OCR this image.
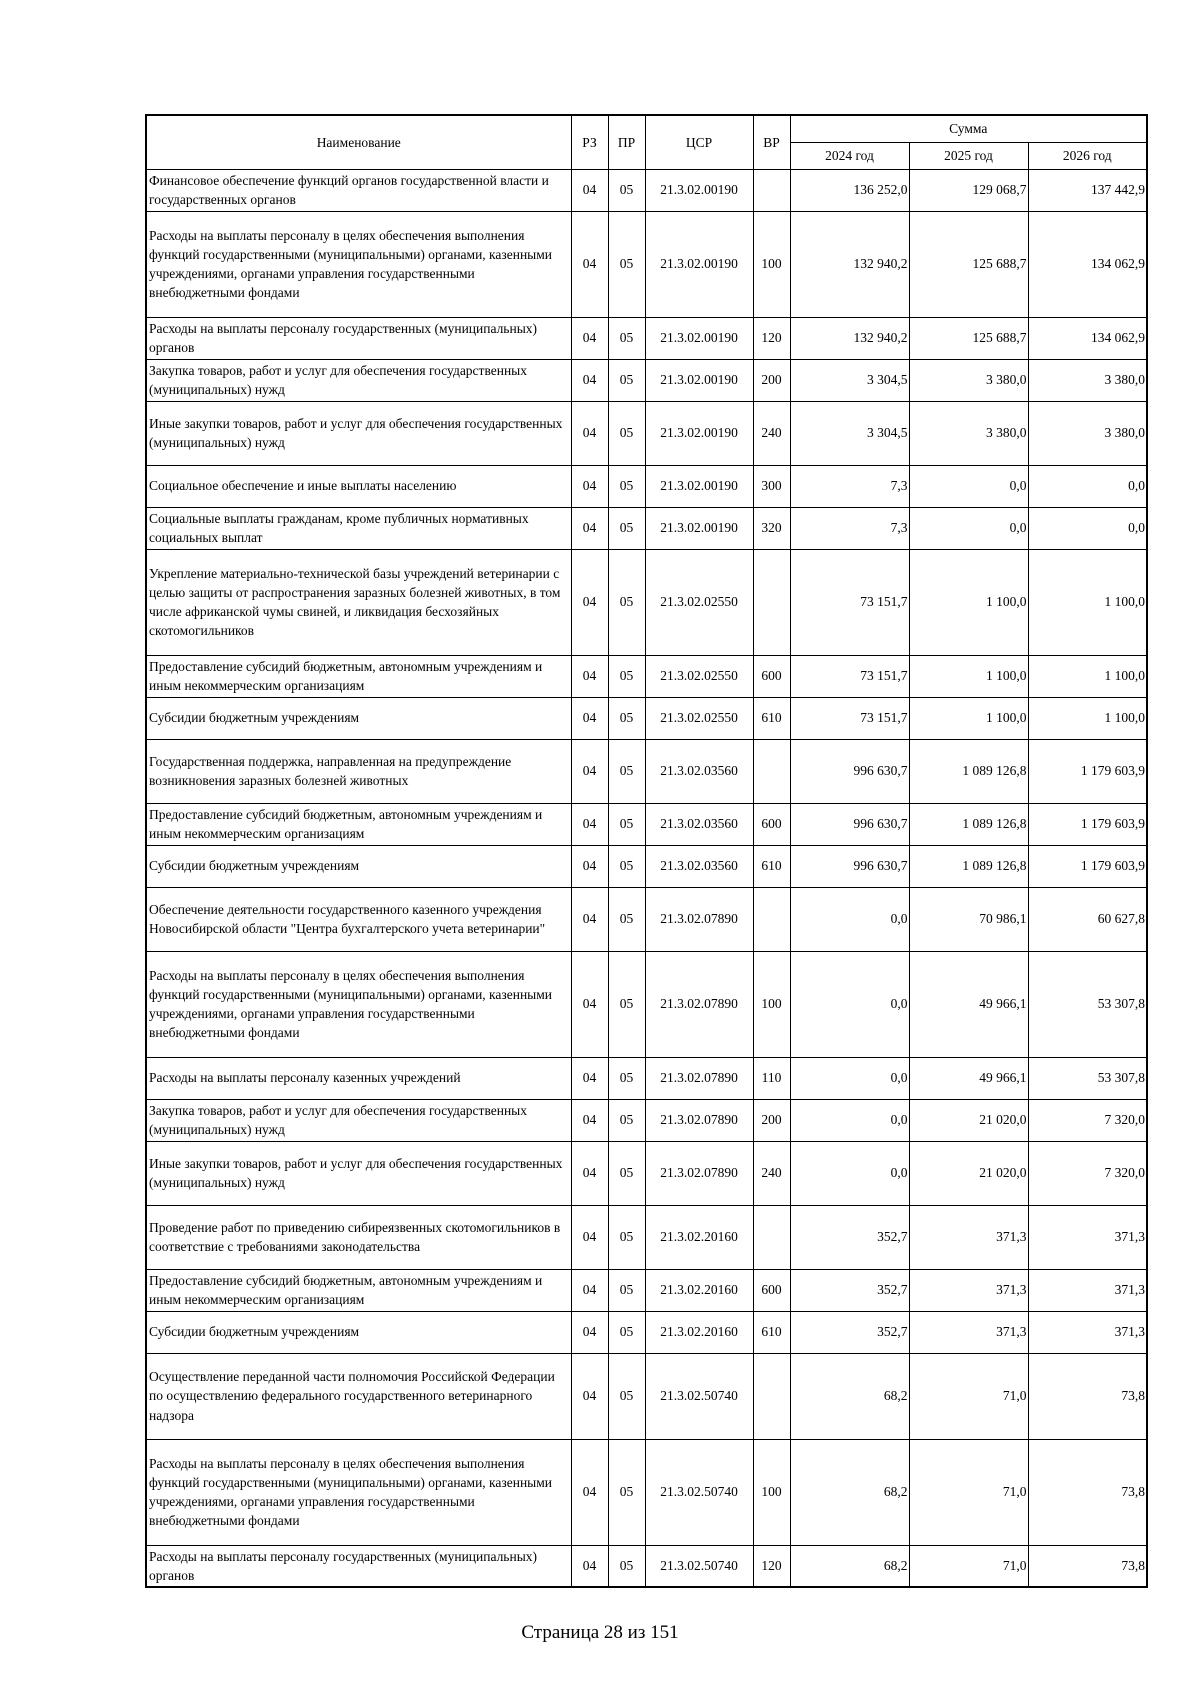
Наименование	РЗ	ПР	ЦСР	ВР	Сумма		
					2024 год	2025 год	2026 год
Финансовое обеспечение функций органов государственной власти и государственных органов	04	05	21.3.02.00190		136 252,0	129 068,7	137 442,9
Расходы на выплаты персоналу в целях обеспечения выполнения функций государственными (муниципальными) органами, казенными учреждениями, органами управления государственными внебюджетными фондами	04	05	21.3.02.00190	100	132 940,2	125 688,7	134 062,9
Расходы на выплаты персоналу государственных (муниципальных) органов	04	05	21.3.02.00190	120	132 940,2	125 688,7	134 062,9
Закупка товаров, работ и услуг для обеспечения государственных (муниципальных) нужд	04	05	21.3.02.00190	200	3 304,5	3 380,0	3 380,0
Иные закупки товаров, работ и услуг для обеспечения государственных (муниципальных) нужд	04	05	21.3.02.00190	240	3 304,5	3 380,0	3 380,0
Социальное обеспечение и иные выплаты населению	04	05	21.3.02.00190	300	7,3	0,0	0,0
Социальные выплаты гражданам, кроме публичных нормативных социальных выплат	04	05	21.3.02.00190	320	7,3	0,0	0,0
Укрепление материально-технической базы учреждений ветеринарии с целью защиты от распространения заразных болезней животных, в том числе африканской чумы свиней, и ликвидация бесхозяйных скотомогильников	04	05	21.3.02.02550		73 151,7	1 100,0	1 100,0
Предоставление субсидий бюджетным, автономным учреждениям и иным некоммерческим организациям	04	05	21.3.02.02550	600	73 151,7	1 100,0	1 100,0
Субсидии бюджетным учреждениям	04	05	21.3.02.02550	610	73 151,7	1 100,0	1 100,0
Государственная поддержка, направленная на предупреждение возникновения заразных болезней животных	04	05	21.3.02.03560		996 630,7	1 089 126,8	1 179 603,9
Предоставление субсидий бюджетным, автономным учреждениям и иным некоммерческим организациям	04	05	21.3.02.03560	600	996 630,7	1 089 126,8	1 179 603,9
Субсидии бюджетным учреждениям	04	05	21.3.02.03560	610	996 630,7	1 089 126,8	1 179 603,9
Обеспечение деятельности государственного казенного учреждения Новосибирской области "Центра бухгалтерского учета ветеринарии"	04	05	21.3.02.07890		0,0	70 986,1	60 627,8
Расходы на выплаты персоналу в целях обеспечения выполнения функций государственными (муниципальными) органами, казенными учреждениями, органами управления государственными внебюджетными фондами	04	05	21.3.02.07890	100	0,0	49 966,1	53 307,8
Расходы на выплаты персоналу казенных учреждений	04	05	21.3.02.07890	110	0,0	49 966,1	53 307,8
Закупка товаров, работ и услуг для обеспечения государственных (муниципальных) нужд	04	05	21.3.02.07890	200	0,0	21 020,0	7 320,0
Иные закупки товаров, работ и услуг для обеспечения государственных (муниципальных) нужд	04	05	21.3.02.07890	240	0,0	21 020,0	7 320,0
Проведение работ по приведению сибиреязвенных скотомогильников в соответствие с требованиями законодательства	04	05	21.3.02.20160		352,7	371,3	371,3
Предоставление субсидий бюджетным, автономным учреждениям и иным некоммерческим организациям	04	05	21.3.02.20160	600	352,7	371,3	371,3
Субсидии бюджетным учреждениям	04	05	21.3.02.20160	610	352,7	371,3	371,3
Осуществление переданной части полномочия Российской Федерации по осуществлению федерального государственного ветеринарного надзора	04	05	21.3.02.50740		68,2	71,0	73,8
Расходы на выплаты персоналу в целях обеспечения выполнения функций государственными (муниципальными) органами, казенными учреждениями, органами управления государственными внебюджетными фондами	04	05	21.3.02.50740	100	68,2	71,0	73,8
Расходы на выплаты персоналу государственных (муниципальных) органов	04	05	21.3.02.50740	120	68,2	71,0	73,8
Страница 28 из 151
